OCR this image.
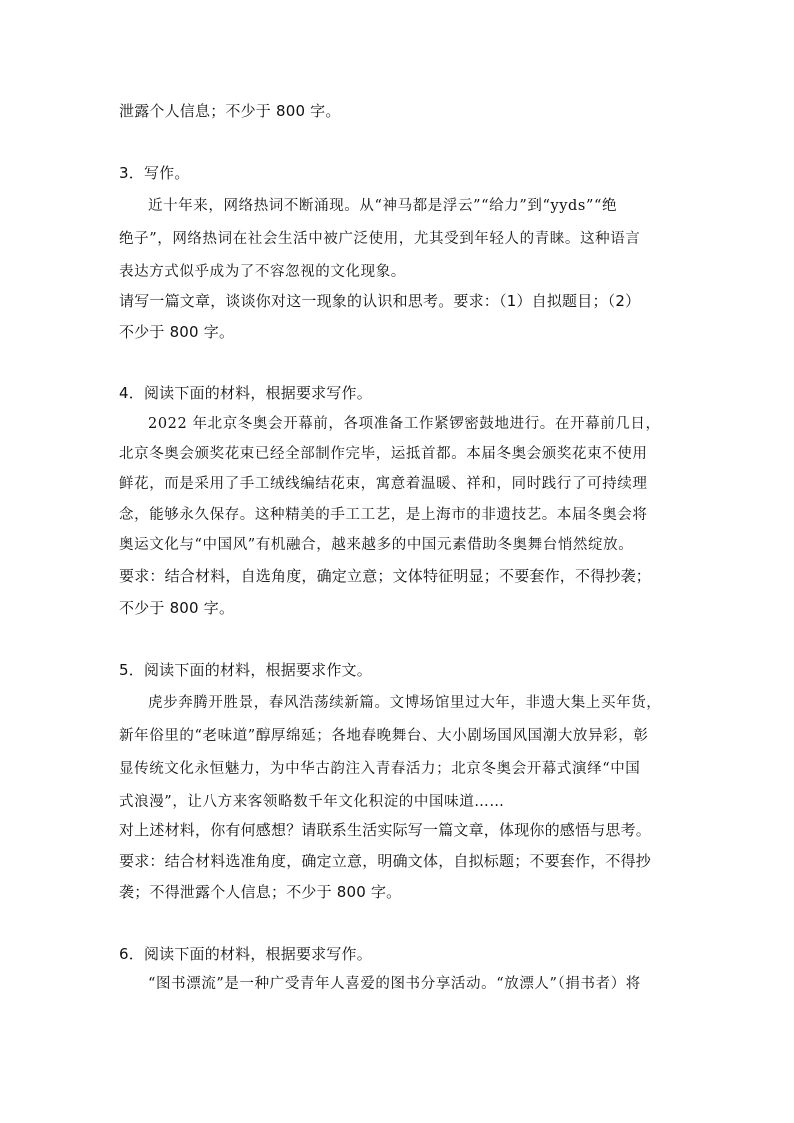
泄露个人信息；不少于 800 字。
3．写作。
近十年来，网络热词不断涌现。从“神马都是浮云”“给力”到“yyds”“绝
绝子”，网络热词在社会生活中被广泛使用，尤其受到年轻人的青睐。这种语言
表达方式似乎成为了不容忽视的文化现象。
请写一篇文章，谈谈你对这一现象的认识和思考。要求：（1）自拟题目；（2）
不少于 800 字。
4．阅读下面的材料，根据要求写作。
2022 年北京冬奥会开幕前，各项准备工作紧锣密鼓地进行。在开幕前几日，
北京冬奥会颁奖花束已经全部制作完毕，运抵首都。本届冬奥会颁奖花束不使用
鲜花，而是采用了手工绒线编结花束，寓意着温暖、祥和，同时践行了可持续理
念，能够永久保存。这种精美的手工工艺，是上海市的非遗技艺。本届冬奥会将
奥运文化与“中国风”有机融合，越来越多的中国元素借助冬奥舞台悄然绽放。
要求：结合材料，自选角度，确定立意；文体特征明显；不要套作，不得抄袭；
不少于 800 字。
5．阅读下面的材料，根据要求作文。
虎步奔腾开胜景，春风浩荡续新篇。文博场馆里过大年，非遗大集上买年货，
新年俗里的“老味道”醇厚绵延；各地春晚舞台、大小剧场国风国潮大放异彩，彰
显传统文化永恒魅力，为中华古韵注入青春活力；北京冬奥会开幕式演绎“中国
式浪漫”，让八方来客领略数千年文化积淀的中国味道……
对上述材料，你有何感想？请联系生活实际写一篇文章，体现你的感悟与思考。
要求：结合材料选准角度，确定立意，明确文体，自拟标题；不要套作，不得抄
袭；不得泄露个人信息；不少于 800 字。
6．阅读下面的材料，根据要求写作。
“图书漂流”是一种广受青年人喜爱的图书分享活动。“放漂人”（捐书者）将
